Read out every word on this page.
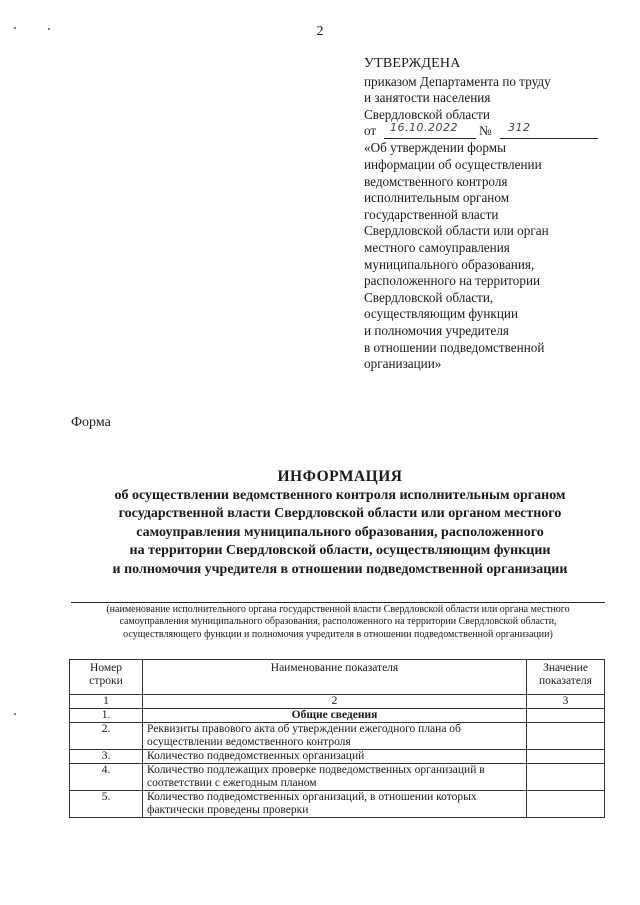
2
УТВЕРЖДЕНА
приказом Департамента по труду
и занятости населения
Свердловской области
от 16.10.2022 № 312
«Об утверждении формы
информации об осуществлении
ведомственного контроля
исполнительным органом
государственной власти
Свердловской области или орган
местного самоуправления
муниципального образования,
расположенного на территории
Свердловской области,
осуществляющим функции
и полномочия учредителя
в отношении подведомственной
организации»
Форма
ИНФОРМАЦИЯ
об осуществлении ведомственного контроля исполнительным органом
государственной власти Свердловской области или органом местного
самоуправления муниципального образования, расположенного
на территории Свердловской области, осуществляющим функции
и полномочия учредителя в отношении подведомственной организации
(наименование исполнительного органа государственной власти Свердловской области или органа местного
самоуправления муниципального образования, расположенного на территории Свердловской области,
осуществляющего функции и полномочия учредителя в отношении подведомственной организации)
Номер строки	Наименование показателя	Значение показателя
1	2	3
1.	Общие сведения	
2.	Реквизиты правового акта об утверждении ежегодного плана об осуществлении ведомственного контроля	
3.	Количество подведомственных организаций	
4.	Количество подлежащих проверке подведомственных организаций в соответствии с ежегодным планом	
5.	Количество подведомственных организаций, в отношении которых фактически проведены проверки	
